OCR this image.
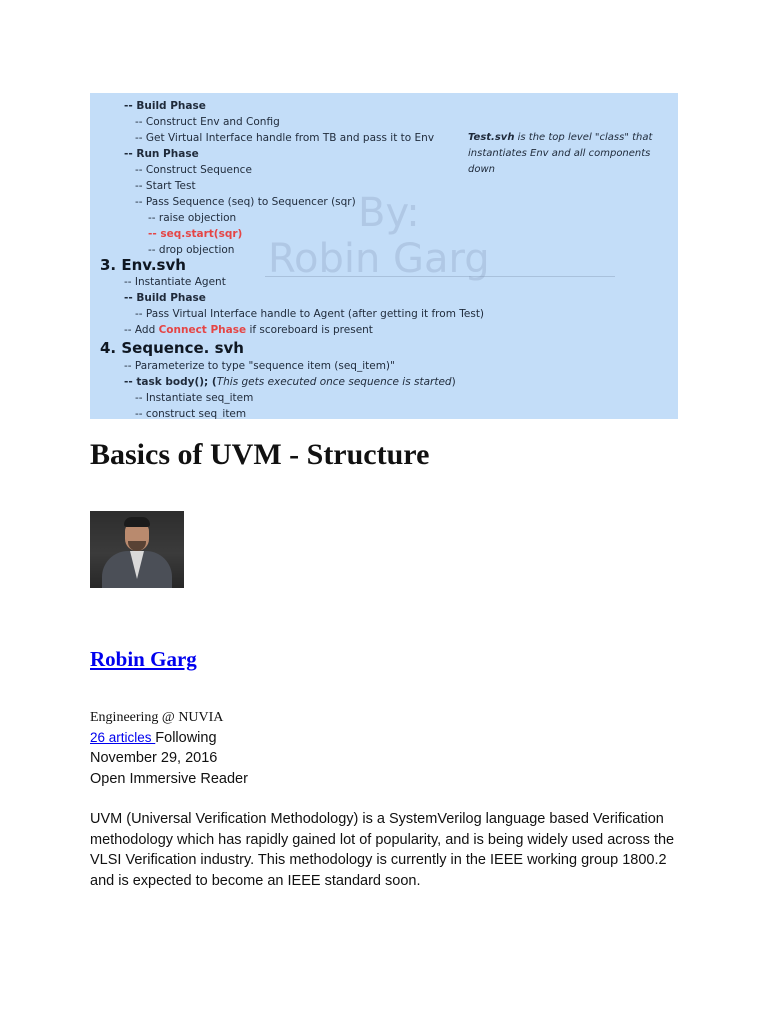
By:
Robin Garg
-- Build Phase
-- Construct Env and Config
-- Get Virtual Interface handle from TB and pass it to Env
-- Run Phase
-- Construct Sequence
-- Start Test
-- Pass Sequence (seq) to Sequencer (sqr)
-- raise objection
-- seq.start(sqr)
-- drop objection
3. Env.svh
-- Instantiate Agent
-- Build Phase
-- Pass Virtual Interface handle to Agent (after getting it from Test)
-- Add Connect Phase if scoreboard is present
4. Sequence. svh
-- Parameterize to type "sequence item (seq_item)"
-- task body(); (This gets executed once sequence is started)
-- Instantiate seq_item
-- construct seq_item
Test.svh is the top level "class" that instantiates Env and all components down
Basics of UVM - Structure
Robin Garg
Engineering @ NUVIA
26 articles Following
November 29, 2016
Open Immersive Reader

UVM (Universal Verification Methodology) is a SystemVerilog language based Verification methodology which has rapidly gained lot of popularity, and is being widely used across the VLSI Verification industry. This methodology is currently in the IEEE working group 1800.2 and is expected to become an IEEE standard soon.
